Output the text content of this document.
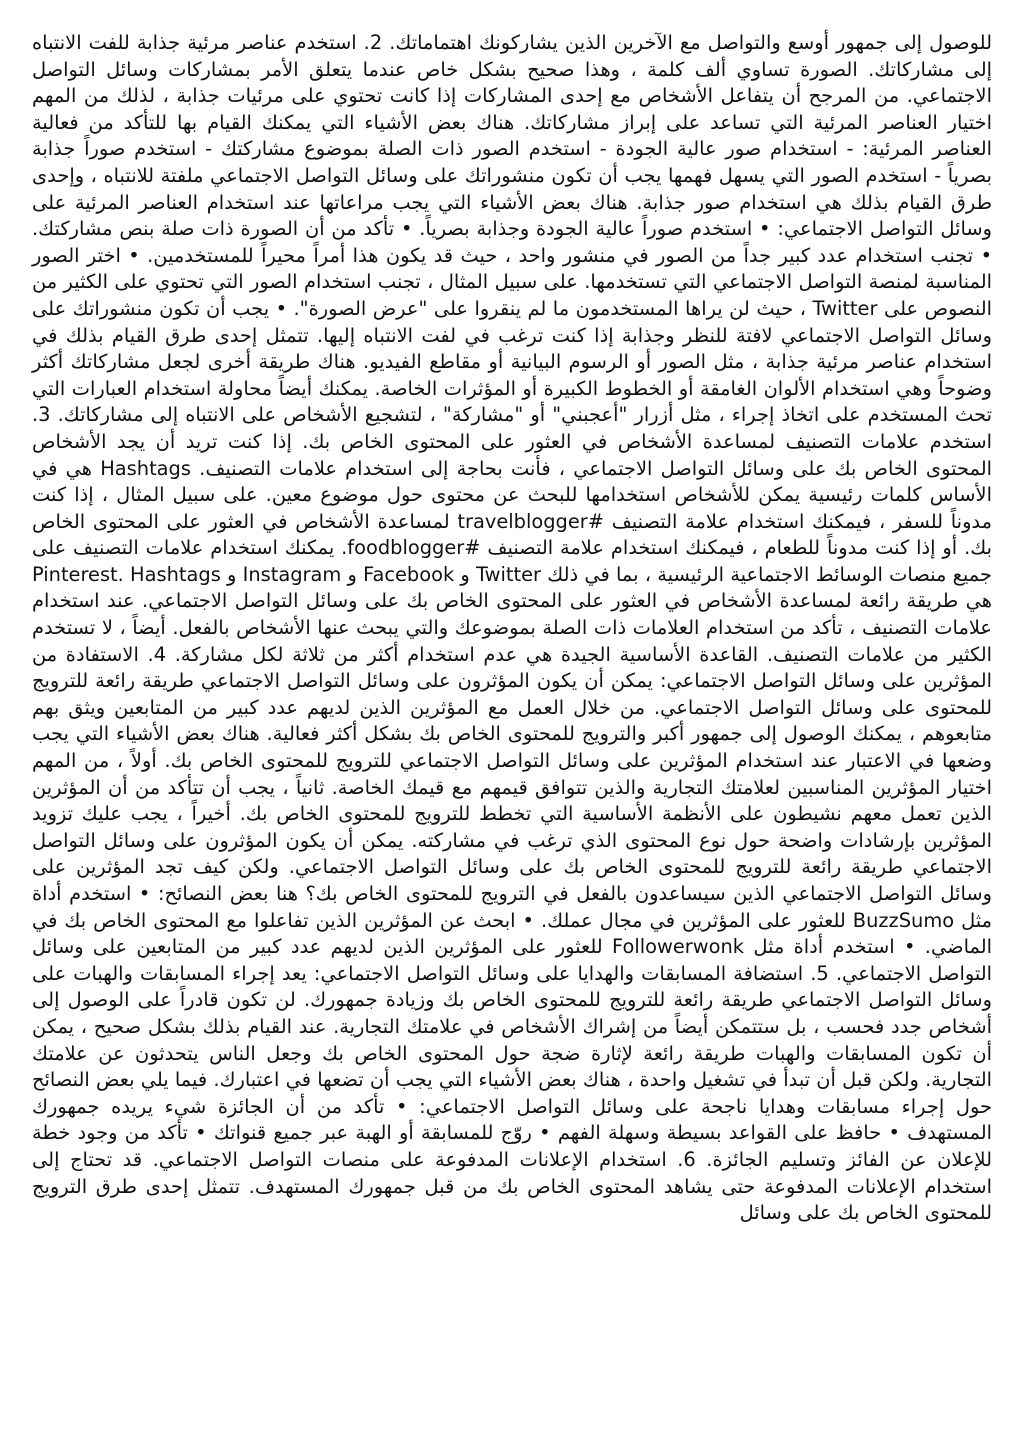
للوصول إلى جمهور أوسع والتواصل مع الآخرين الذين يشاركونك اهتماماتك. 2. استخدم عناصر مرئية جذابة للفت الانتباه إلى مشاركاتك. الصورة تساوي ألف كلمة ، وهذا صحيح بشكل خاص عندما يتعلق الأمر بمشاركات وسائل التواصل الاجتماعي. من المرجح أن يتفاعل الأشخاص مع إحدى المشاركات إذا كانت تحتوي على مرئيات جذابة ، لذلك من المهم اختيار العناصر المرئية التي تساعد على إبراز مشاركاتك. هناك بعض الأشياء التي يمكنك القيام بها للتأكد من فعالية العناصر المرئية: - استخدام صور عالية الجودة - استخدم الصور ذات الصلة بموضوع مشاركتك - استخدم صوراً جذابة بصرياً - استخدم الصور التي يسهل فهمها يجب أن تكون منشوراتك على وسائل التواصل الاجتماعي ملفتة للانتباه ، وإحدى طرق القيام بذلك هي استخدام صور جذابة. هناك بعض الأشياء التي يجب مراعاتها عند استخدام العناصر المرئية على وسائل التواصل الاجتماعي: • استخدم صوراً عالية الجودة وجذابة بصرياً. • تأكد من أن الصورة ذات صلة بنص مشاركتك. • تجنب استخدام عدد كبير جداً من الصور في منشور واحد ، حيث قد يكون هذا أمراً محيراً للمستخدمين. • اختر الصور المناسبة لمنصة التواصل الاجتماعي التي تستخدمها. على سبيل المثال ، تجنب استخدام الصور التي تحتوي على الكثير من النصوص على Twitter ، حيث لن يراها المستخدمون ما لم ينقروا على "عرض الصورة". • يجب أن تكون منشوراتك على وسائل التواصل الاجتماعي لافتة للنظر وجذابة إذا كنت ترغب في لفت الانتباه إليها. تتمثل إحدى طرق القيام بذلك في استخدام عناصر مرئية جذابة ، مثل الصور أو الرسوم البيانية أو مقاطع الفيديو. هناك طريقة أخرى لجعل مشاركاتك أكثر وضوحاً وهي استخدام الألوان الغامقة أو الخطوط الكبيرة أو المؤثرات الخاصة. يمكنك أيضاً محاولة استخدام العبارات التي تحث المستخدم على اتخاذ إجراء ، مثل أزرار "أعجبني" أو "مشاركة" ، لتشجيع الأشخاص على الانتباه إلى مشاركاتك. 3. استخدم علامات التصنيف لمساعدة الأشخاص في العثور على المحتوى الخاص بك. إذا كنت تريد أن يجد الأشخاص المحتوى الخاص بك على وسائل التواصل الاجتماعي ، فأنت بحاجة إلى استخدام علامات التصنيف. Hashtags هي في الأساس كلمات رئيسية يمكن للأشخاص استخدامها للبحث عن محتوى حول موضوع معين. على سبيل المثال ، إذا كنت مدوناً للسفر ، فيمكنك استخدام علامة التصنيف #travelblogger لمساعدة الأشخاص في العثور على المحتوى الخاص بك. أو إذا كنت مدوناً للطعام ، فيمكنك استخدام علامة التصنيف #foodblogger. يمكنك استخدام علامات التصنيف على جميع منصات الوسائط الاجتماعية الرئيسية ، بما في ذلك Twitter و Facebook و Instagram و Pinterest. Hashtags هي طريقة رائعة لمساعدة الأشخاص في العثور على المحتوى الخاص بك على وسائل التواصل الاجتماعي. عند استخدام علامات التصنيف ، تأكد من استخدام العلامات ذات الصلة بموضوعك والتي يبحث عنها الأشخاص بالفعل. أيضاً ، لا تستخدم الكثير من علامات التصنيف. القاعدة الأساسية الجيدة هي عدم استخدام أكثر من ثلاثة لكل مشاركة. 4. الاستفادة من المؤثرين على وسائل التواصل الاجتماعي: يمكن أن يكون المؤثرون على وسائل التواصل الاجتماعي طريقة رائعة للترويج للمحتوى على وسائل التواصل الاجتماعي. من خلال العمل مع المؤثرين الذين لديهم عدد كبير من المتابعين ويثق بهم متابعوهم ، يمكنك الوصول إلى جمهور أكبر والترويج للمحتوى الخاص بك بشكل أكثر فعالية. هناك بعض الأشياء التي يجب وضعها في الاعتبار عند استخدام المؤثرين على وسائل التواصل الاجتماعي للترويج للمحتوى الخاص بك. أولاً ، من المهم اختيار المؤثرين المناسبين لعلامتك التجارية والذين تتوافق قيمهم مع قيمك الخاصة. ثانياً ، يجب أن تتأكد من أن المؤثرين الذين تعمل معهم نشيطون على الأنظمة الأساسية التي تخطط للترويج للمحتوى الخاص بك. أخيراً ، يجب عليك تزويد المؤثرين بإرشادات واضحة حول نوع المحتوى الذي ترغب في مشاركته. يمكن أن يكون المؤثرون على وسائل التواصل الاجتماعي طريقة رائعة للترويج للمحتوى الخاص بك على وسائل التواصل الاجتماعي. ولكن كيف تجد المؤثرين على وسائل التواصل الاجتماعي الذين سيساعدون بالفعل في الترويج للمحتوى الخاص بك؟ هنا بعض النصائح: • استخدم أداة مثل BuzzSumo للعثور على المؤثرين في مجال عملك. • ابحث عن المؤثرين الذين تفاعلوا مع المحتوى الخاص بك في الماضي. • استخدم أداة مثل Followerwonk للعثور على المؤثرين الذين لديهم عدد كبير من المتابعين على وسائل التواصل الاجتماعي. 5. استضافة المسابقات والهدايا على وسائل التواصل الاجتماعي: يعد إجراء المسابقات والهبات على وسائل التواصل الاجتماعي طريقة رائعة للترويج للمحتوى الخاص بك وزيادة جمهورك. لن تكون قادراً على الوصول إلى أشخاص جدد فحسب ، بل ستتمكن أيضاً من إشراك الأشخاص في علامتك التجارية. عند القيام بذلك بشكل صحيح ، يمكن أن تكون المسابقات والهبات طريقة رائعة لإثارة ضجة حول المحتوى الخاص بك وجعل الناس يتحدثون عن علامتك التجارية. ولكن قبل أن تبدأ في تشغيل واحدة ، هناك بعض الأشياء التي يجب أن تضعها في اعتبارك. فيما يلي بعض النصائح حول إجراء مسابقات وهدايا ناجحة على وسائل التواصل الاجتماعي: • تأكد من أن الجائزة شيء يريده جمهورك المستهدف • حافظ على القواعد بسيطة وسهلة الفهم • روّج للمسابقة أو الهبة عبر جميع قنواتك • تأكد من وجود خطة للإعلان عن الفائز وتسليم الجائزة. 6. استخدام الإعلانات المدفوعة على منصات التواصل الاجتماعي. قد تحتاج إلى استخدام الإعلانات المدفوعة حتى يشاهد المحتوى الخاص بك من قبل جمهورك المستهدف. تتمثل إحدى طرق الترويج للمحتوى الخاص بك على وسائل
